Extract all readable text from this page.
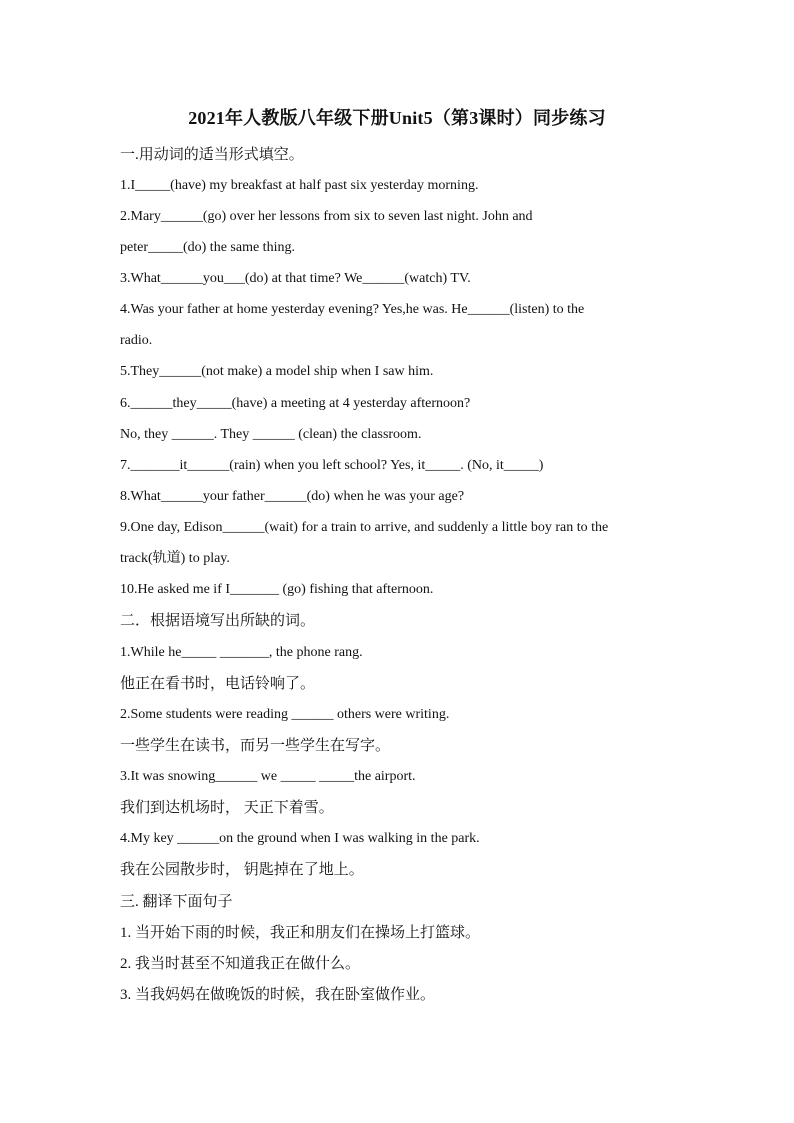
2021年人教版八年级下册Unit5（第3课时）同步练习
一.用动词的适当形式填空。
1.I_____(have) my breakfast at half past six yesterday morning.
2.Mary______(go) over her lessons from six to seven last night. John and
peter_____(do) the same thing.
3.What______you___(do) at that time? We______(watch) TV.
4.Was your father at home yesterday evening? Yes,he was. He______(listen) to the
radio.
5.They______(not make) a model ship when I saw him.
6.______they_____(have) a meeting at 4 yesterday afternoon?
No, they ______. They ______ (clean) the classroom.
7._______it______(rain) when you left school? Yes, it_____. (No, it_____)
8.What______your father______(do) when he was your age?
9.One day, Edison______(wait) for a train to arrive, and suddenly a little boy ran to the
track(轨道) to play.
10.He asked me if I_______ (go) fishing that afternoon.
二．根据语境写出所缺的词。
1.While he_____ _______, the phone rang.
他正在看书时，电话铃响了。
2.Some students were reading ______ others were writing.
一些学生在读书，而另一些学生在写字。
3.It was snowing______ we _____ _____the airport.
我们到达机场时， 天正下着雪。
4.My key ______on the ground when I was walking in the park.
我在公园散步时， 钥匙掉在了地上。
三. 翻译下面句子
1. 当开始下雨的时候，我正和朋友们在操场上打篮球。
2. 我当时甚至不知道我正在做什么。
3. 当我妈妈在做晚饭的时候，我在卧室做作业。
